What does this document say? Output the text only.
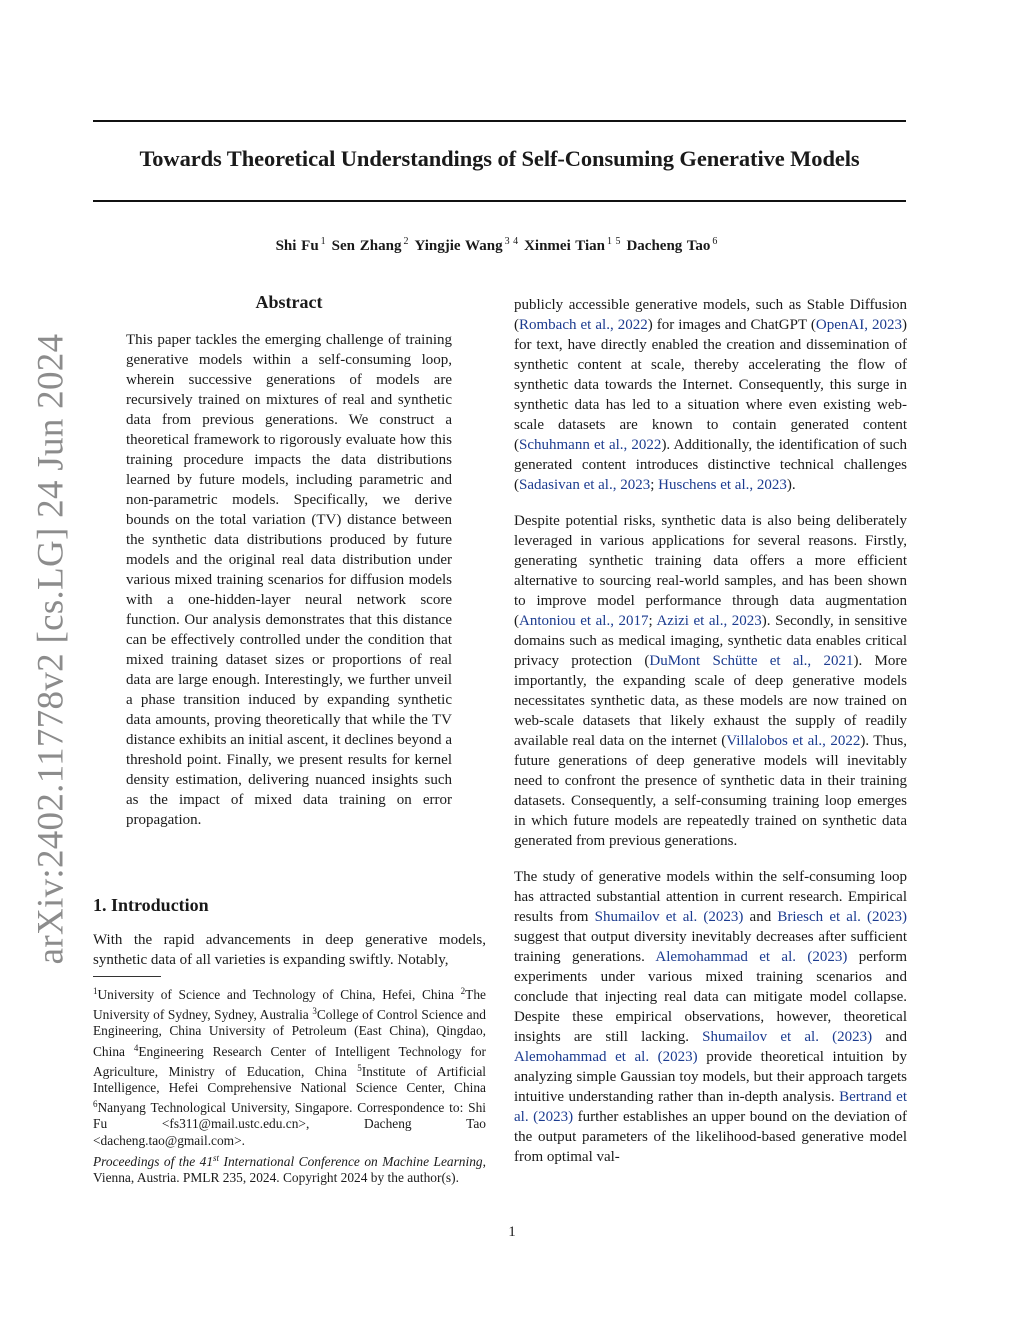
Towards Theoretical Understandings of Self-Consuming Generative Models
Shi Fu $^1$ Sen Zhang $^2$ Yingjie Wang $^{3 4}$ Xinmei Tian $^{1 5}$ Dacheng Tao $^6$
arXiv:2402.11778v2 [cs.LG] 24 Jun 2024
Abstract
This paper tackles the emerging challenge of training generative models within a self-consuming loop, wherein successive generations of models are recursively trained on mixtures of real and synthetic data from previous generations. We construct a theoretical framework to rigorously evaluate how this training procedure impacts the data distributions learned by future models, including parametric and non-parametric models. Specifically, we derive bounds on the total variation (TV) distance between the synthetic data distributions produced by future models and the original real data distribution under various mixed training scenarios for diffusion models with a one-hidden-layer neural network score function. Our analysis demonstrates that this distance can be effectively controlled under the condition that mixed training dataset sizes or proportions of real data are large enough. Interestingly, we further unveil a phase transition induced by expanding synthetic data amounts, proving theoretically that while the TV distance exhibits an initial ascent, it declines beyond a threshold point. Finally, we present results for kernel density estimation, delivering nuanced insights such as the impact of mixed data training on error propagation.
1. Introduction
With the rapid advancements in deep generative models, synthetic data of all varieties is expanding swiftly. Notably,
$^1$University of Science and Technology of China, Hefei, China $^2$The University of Sydney, Sydney, Australia $^3$College of Control Science and Engineering, China University of Petroleum (East China), Qingdao, China $^4$Engineering Research Center of Intelligent Technology for Agriculture, Ministry of Education, China $^5$Institute of Artificial Intelligence, Hefei Comprehensive National Science Center, China $^6$Nanyang Technological University, Singapore. Correspondence to: Shi Fu <fs311@mail.ustc.edu.cn>, Dacheng Tao <dacheng.tao@gmail.com>.
Proceedings of the 41st International Conference on Machine Learning, Vienna, Austria. PMLR 235, 2024. Copyright 2024 by the author(s).

publicly accessible generative models, such as Stable Diffusion (Rombach et al., 2022) for images and ChatGPT (OpenAI, 2023) for text, have directly enabled the creation and dissemination of synthetic content at scale, thereby accelerating the flow of synthetic data towards the Internet. Consequently, this surge in synthetic data has led to a situation where even existing web-scale datasets are known to contain generated content (Schuhmann et al., 2022). Additionally, the identification of such generated content introduces distinctive technical challenges (Sadasivan et al., 2023; Huschens et al., 2023).

Despite potential risks, synthetic data is also being deliberately leveraged in various applications for several reasons. Firstly, generating synthetic training data offers a more efficient alternative to sourcing real-world samples, and has been shown to improve model performance through data augmentation (Antoniou et al., 2017; Azizi et al., 2023). Secondly, in sensitive domains such as medical imaging, synthetic data enables critical privacy protection (DuMont Schütte et al., 2021). More importantly, the expanding scale of deep generative models necessitates synthetic data, as these models are now trained on web-scale datasets that likely exhaust the supply of readily available real data on the internet (Villalobos et al., 2022). Thus, future generations of deep generative models will inevitably need to confront the presence of synthetic data in their training datasets. Consequently, a self-consuming training loop emerges in which future models are repeatedly trained on synthetic data generated from previous generations.

The study of generative models within the self-consuming loop has attracted substantial attention in current research. Empirical results from Shumailov et al. (2023) and Briesch et al. (2023) suggest that output diversity inevitably decreases after sufficient training generations. Alemohammad et al. (2023) perform experiments under various mixed training scenarios and conclude that injecting real data can mitigate model collapse. Despite these empirical observations, however, theoretical insights are still lacking. Shumailov et al. (2023) and Alemohammad et al. (2023) provide theoretical intuition by analyzing simple Gaussian toy models, but their approach targets intuitive understanding rather than in-depth analysis. Bertrand et al. (2023) further establishes an upper bound on the deviation of the output parameters of the likelihood-based generative model from optimal val-

1
